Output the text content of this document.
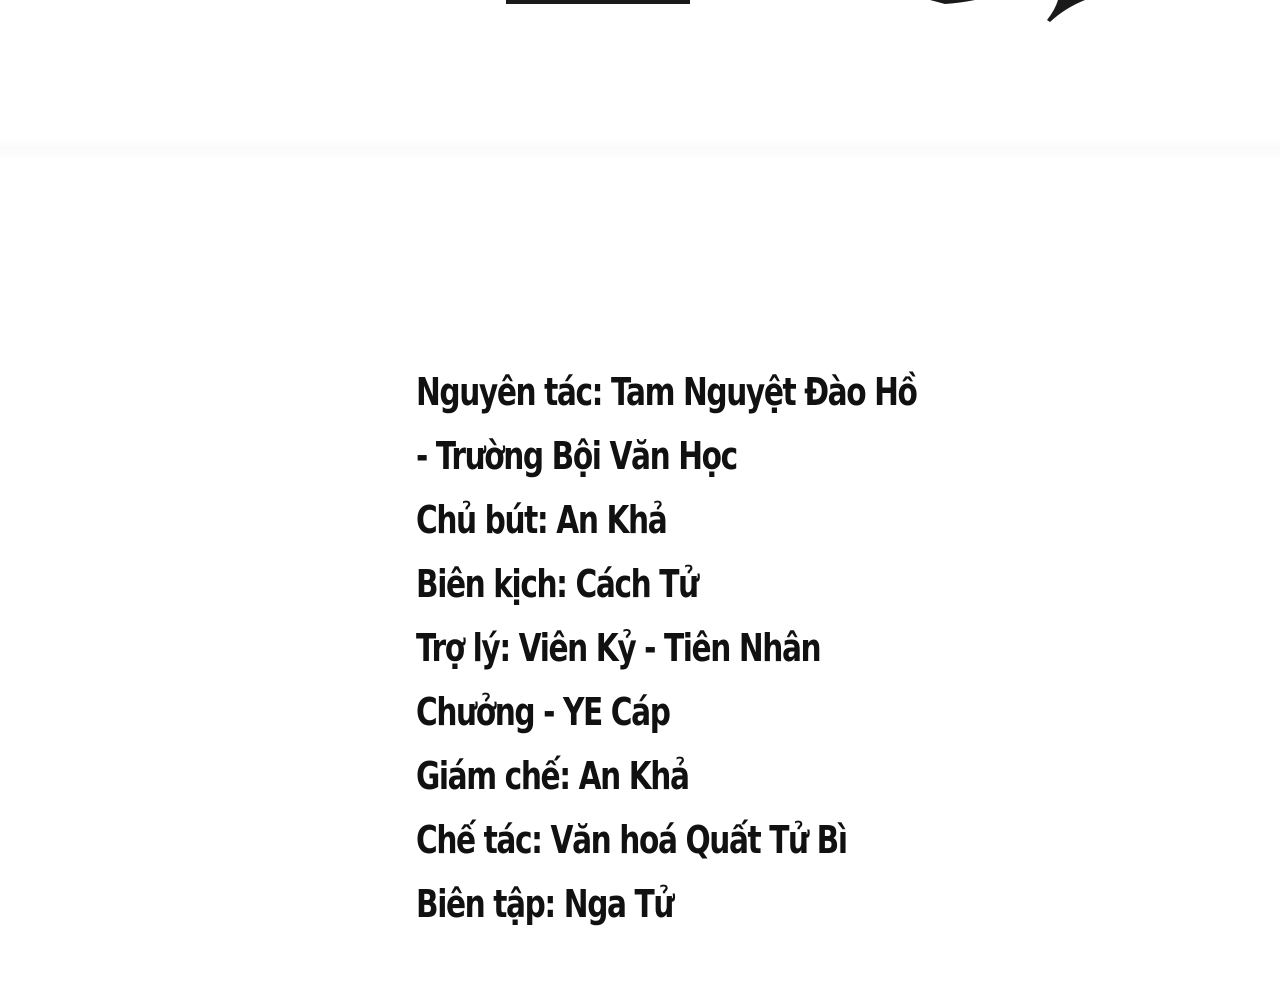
Nguyên tác: Tam Nguyệt Đào Hồ
- Trường Bội Văn Học
Chủ bút: An Khả
Biên kịch: Cách Tử
Trợ lý: Viên Kỷ - Tiên Nhân
Chưởng - YE Cáp
Giám chế: An Khả
Chế tác: Văn hoá Quất Tử Bì
Biên tập: Nga Tử
